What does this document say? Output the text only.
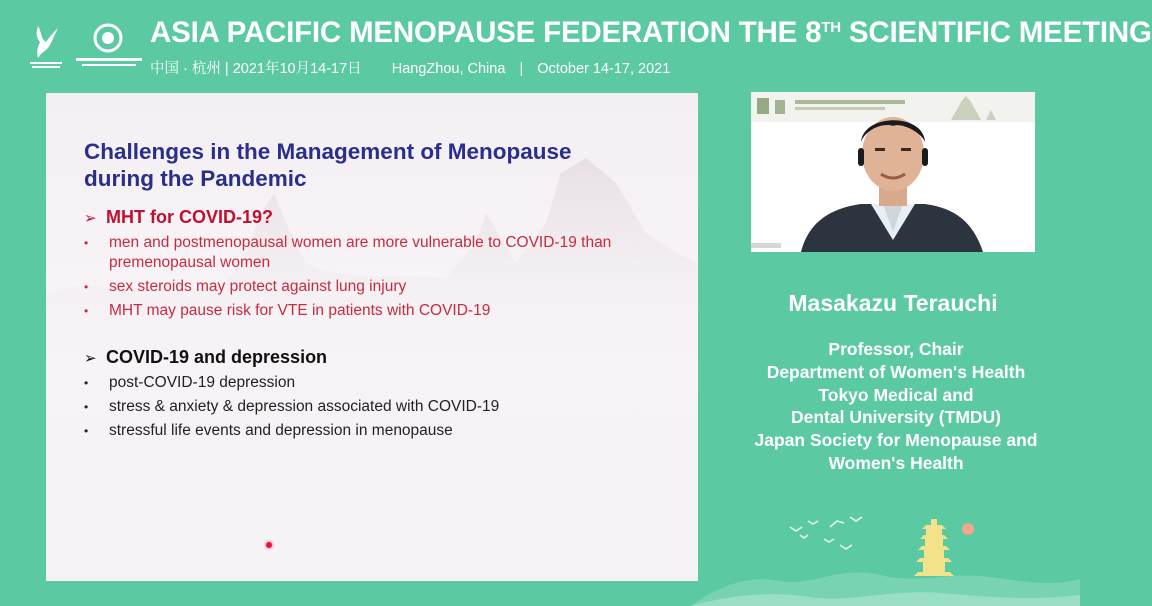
ASIA PACIFIC MENOPAUSE FEDERATION THE 8TH SCIENTIFIC MEETING
中国 · 杭州 | 2021年10月14-17日 HangZhou, China | October 14-17, 2021
Challenges in the Management of Menopause during the Pandemic
➢ MHT for COVID-19?
•	men and postmenopausal women are more vulnerable to COVID-19 than premenopausal women
•	sex steroids may protect against lung injury
•	MHT may pause risk for VTE in patients with COVID-19
➢ COVID-19 and depression
•	post-COVID-19 depression
•	stress & anxiety & depression associated with COVID-19
•	stressful life events and depression in menopause
Masakazu Terauchi
Professor, Chair
Department of Women's Health
Tokyo Medical and
Dental University (TMDU)
Japan Society for Menopause and
Women's Health
